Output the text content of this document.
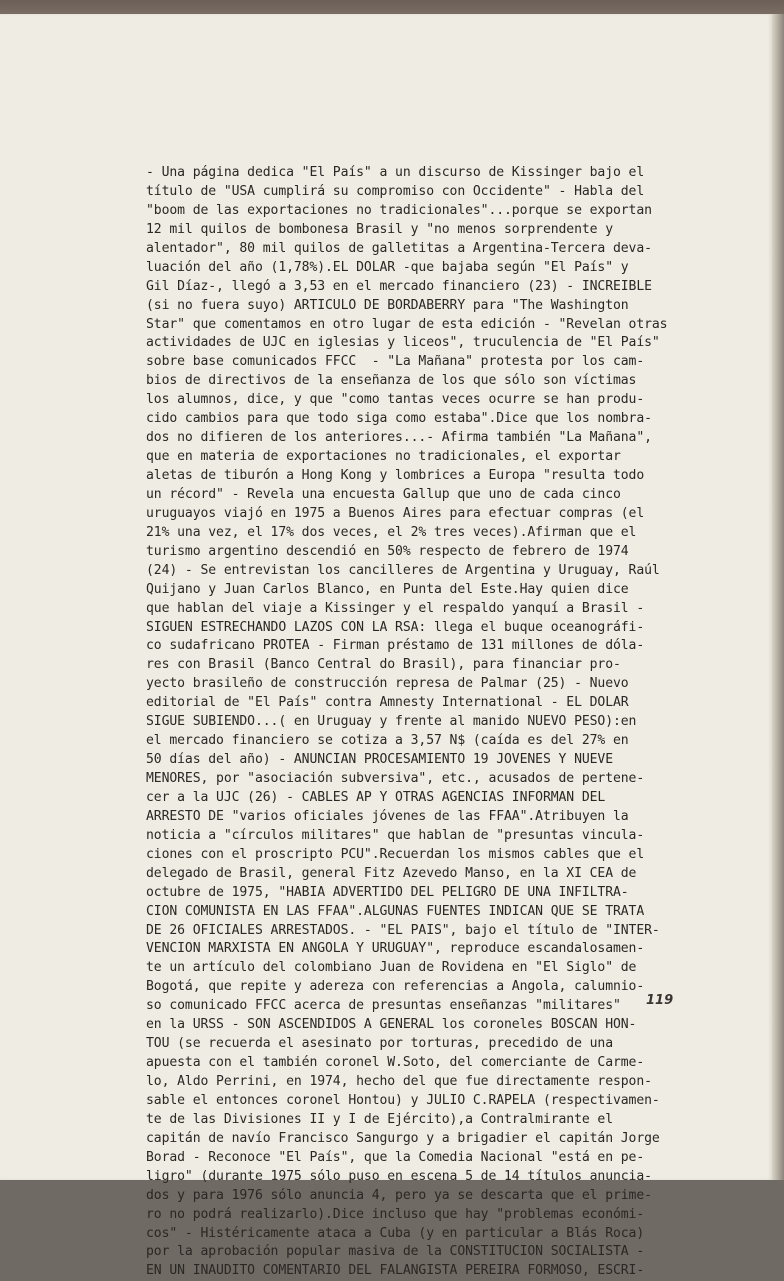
- Una página dedica "El País" a un discurso de Kissinger bajo el
título de "USA cumplirá su compromiso con Occidente" - Habla del
"boom de las exportaciones no tradicionales"...porque se exportan
12 mil quilos de bombonesa Brasil y "no menos sorprendente y
alentador", 80 mil quilos de galletitas a Argentina-Tercera deva-
luación del año (1,78%).EL DOLAR -que bajaba según "El País" y
Gil Díaz-, llegó a 3,53 en el mercado financiero (23) - INCREIBLE
(si no fuera suyo) ARTICULO DE BORDABERRY para "The Washington
Star" que comentamos en otro lugar de esta edición - "Revelan otras
actividades de UJC en iglesias y liceos", truculencia de "El País"
sobre base comunicados FFCC  - "La Mañana" protesta por los cam-
bios de directivos de la enseñanza de los que sólo son víctimas
los alumnos, dice, y que "como tantas veces ocurre se han produ-
cido cambios para que todo siga como estaba".Dice que los nombra-
dos no difieren de los anteriores...- Afirma también "La Mañana",
que en materia de exportaciones no tradicionales, el exportar
aletas de tiburón a Hong Kong y lombrices a Europa "resulta todo
un récord" - Revela una encuesta Gallup que uno de cada cinco
uruguayos viajó en 1975 a Buenos Aires para efectuar compras (el
21% una vez, el 17% dos veces, el 2% tres veces).Afirman que el
turismo argentino descendió en 50% respecto de febrero de 1974
(24) - Se entrevistan los cancilleres de Argentina y Uruguay, Raúl
Quijano y Juan Carlos Blanco, en Punta del Este.Hay quien dice
que hablan del viaje a Kissinger y el respaldo yanquí a Brasil -
SIGUEN ESTRECHANDO LAZOS CON LA RSA: llega el buque oceanográfi-
co sudafricano PROTEA - Firman préstamo de 131 millones de dóla-
res con Brasil (Banco Central do Brasil), para financiar pro-
yecto brasileño de construcción represa de Palmar (25) - Nuevo
editorial de "El País" contra Amnesty International - EL DOLAR
SIGUE SUBIENDO...( en Uruguay y frente al manido NUEVO PESO):en
el mercado financiero se cotiza a 3,57 N$ (caída es del 27% en
50 días del año) - ANUNCIAN PROCESAMIENTO 19 JOVENES Y NUEVE
MENORES, por "asociación subversiva", etc., acusados de pertene-
cer a la UJC (26) - CABLES AP Y OTRAS AGENCIAS INFORMAN DEL
ARRESTO DE "varios oficiales jóvenes de las FFAA".Atribuyen la
noticia a "círculos militares" que hablan de "presuntas vincula-
ciones con el proscripto PCU".Recuerdan los mismos cables que el
delegado de Brasil, general Fitz Azevedo Manso, en la XI CEA de
octubre de 1975, "HABIA ADVERTIDO DEL PELIGRO DE UNA INFILTRA-
CION COMUNISTA EN LAS FFAA".ALGUNAS FUENTES INDICAN QUE SE TRATA
DE 26 OFICIALES ARRESTADOS. - "EL PAIS", bajo el título de "INTER-
VENCION MARXISTA EN ANGOLA Y URUGUAY", reproduce escandalosamen-
te un artículo del colombiano Juan de Rovidena en "El Siglo" de
Bogotá, que repite y adereza con referencias a Angola, calumnio-
so comunicado FFCC acerca de presuntas enseñanzas "militares"
en la URSS - SON ASCENDIDOS A GENERAL los coroneles BOSCAN HON-
TOU (se recuerda el asesinato por torturas, precedido de una
apuesta con el también coronel W.Soto, del comerciante de Carme-
lo, Aldo Perrini, en 1974, hecho del que fue directamente respon-
sable el entonces coronel Hontou) y JULIO C.RAPELA (respectivamen-
te de las Divisiones II y I de Ejército),a Contralmirante el
capitán de navío Francisco Sangurgo y a brigadier el capitán Jorge
Borad - Reconoce "El País", que la Comedia Nacional "está en pe-
ligro" (durante 1975 sólo puso en escena 5 de 14 títulos anuncia-
dos y para 1976 sólo anuncia 4, pero ya se descarta que el prime-
ro no podrá realizarlo).Dice incluso que hay "problemas económi-
cos" - Histéricamente ataca a Cuba (y en particular a Blás Roca)
por la aprobación popular masiva de la CONSTITUCION SOCIALISTA -
EN UN INAUDITO COMENTARIO DEL FALANGISTA PEREIRA FORMOSO, ESCRI-
119
